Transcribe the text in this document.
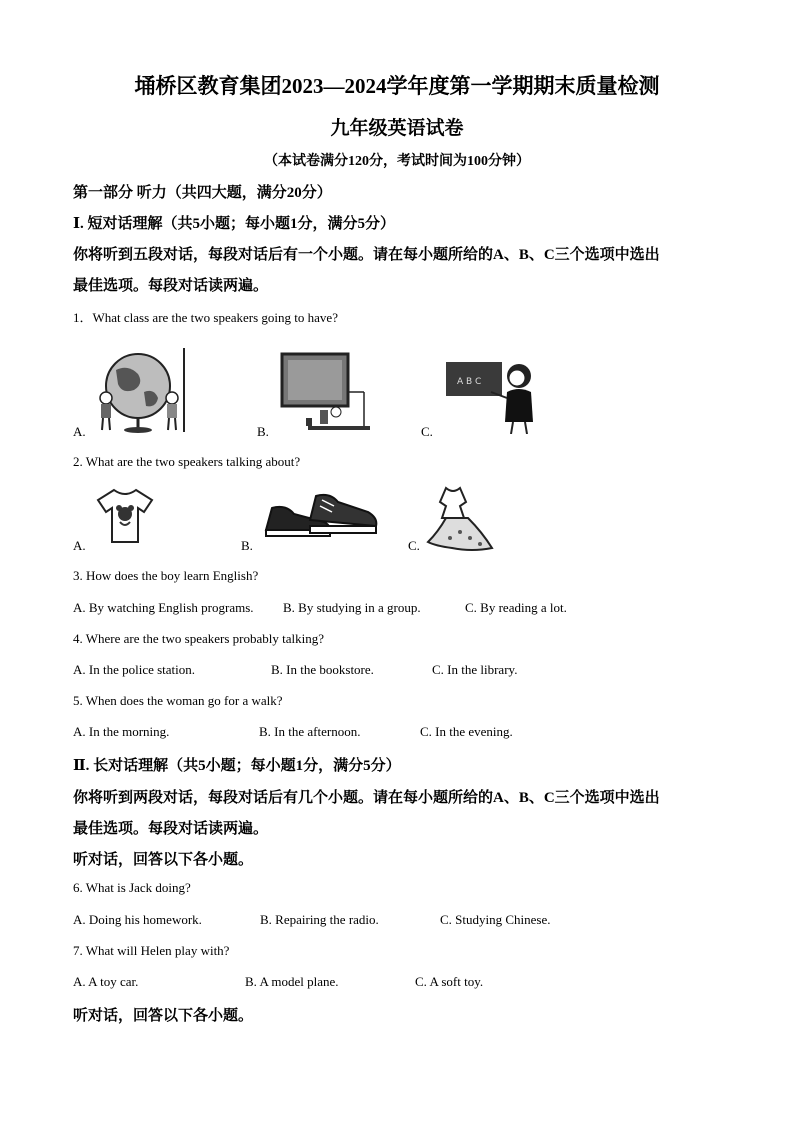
埇桥区教育集团2023—2024学年度第一学期期末质量检测
九年级英语试卷
（本试卷满分120分，考试时间为100分钟）
第一部分 听力（共四大题，满分20分）
Ⅰ. 短对话理解（共5小题；每小题1分，满分5分）
你将听到五段对话，每段对话后有一个小题。请在每小题所给的A、B、C三个选项中选出
最佳选项。每段对话读两遍。
1．What class are the two speakers going to have?
A B C
A.	B.	C.
2. What are the two speakers talking about?
A.	B.	C.
3. How does the boy learn English?
A. By watching English programs. B. By studying in a group.	C. By reading a lot.
4. Where are the two speakers probably talking?
A. In the police station.	B. In the bookstore.	C. In the library.
5. When does the woman go for a walk?
A. In the morning.	B. In the afternoon.	C. In the evening.
Ⅱ. 长对话理解（共5小题；每小题1分，满分5分）
你将听到两段对话，每段对话后有几个小题。请在每小题所给的A、B、C三个选项中选出
最佳选项。每段对话读两遍。
听对话，回答以下各小题。
6. What is Jack doing?
A. Doing his homework.	B. Repairing the radio.	C. Studying Chinese.
7. What will Helen play with?
A. A toy car.	B. A model plane.	C. A soft toy.
听对话，回答以下各小题。
